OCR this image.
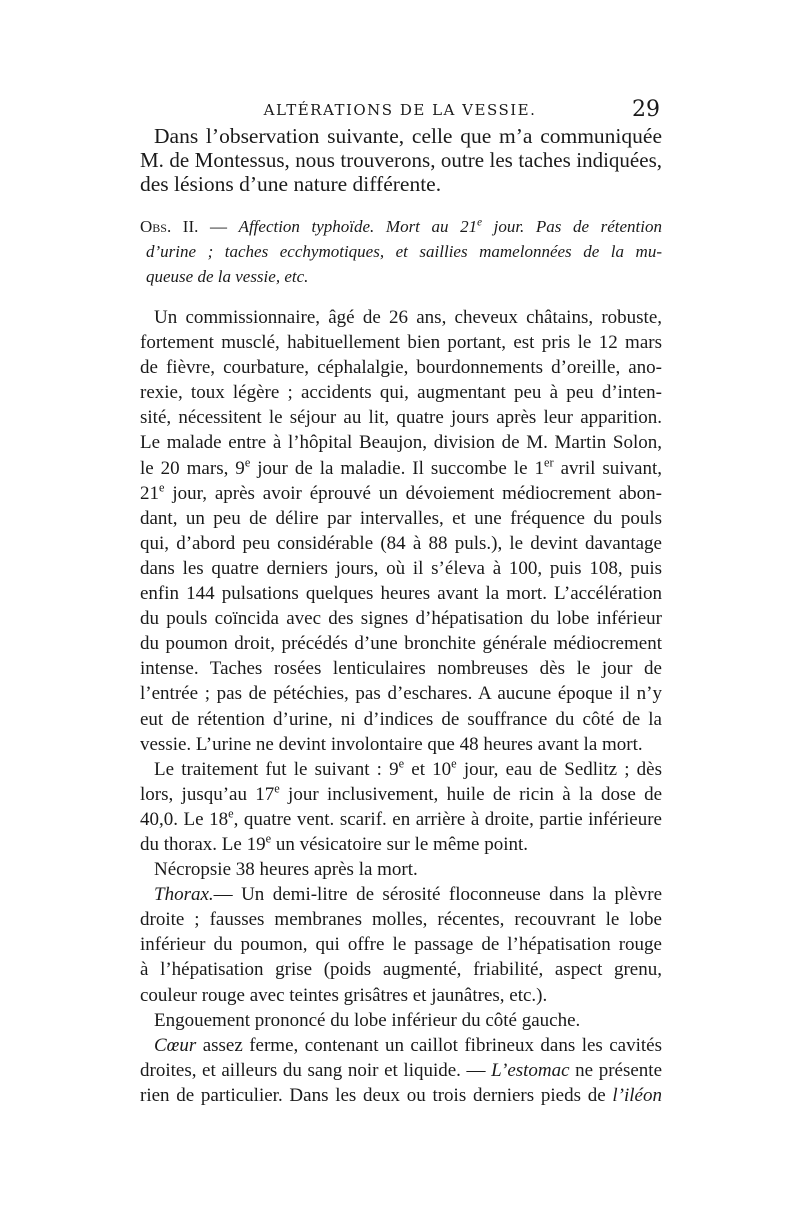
ALTÉRATIONS DE LA VESSIE.	29
Dans l’observation suivante, celle que m’a communiquée
M. de Montessus, nous trouverons, outre les taches indiquées,
des lésions d’une nature différente.
Obs. II. — Affection typhoïde. Mort au 21e jour. Pas de rétention
d’urine ; taches ecchymotiques, et saillies mamelonnées de la mu-
queuse de la vessie, etc.
Un commissionnaire, âgé de 26 ans, cheveux châtains, robuste,
fortement musclé, habituellement bien portant, est pris le 12 mars
de fièvre, courbature, céphalalgie, bourdonnements d’oreille, ano-
rexie, toux légère ; accidents qui, augmentant peu à peu d’inten-
sité, nécessitent le séjour au lit, quatre jours après leur apparition.
Le malade entre à l’hôpital Beaujon, division de M. Martin Solon,
le 20 mars, 9e jour de la maladie. Il succombe le 1er avril suivant,
21e jour, après avoir éprouvé un dévoiement médiocrement abon-
dant, un peu de délire par intervalles, et une fréquence du pouls
qui, d’abord peu considérable (84 à 88 puls.), le devint davantage
dans les quatre derniers jours, où il s’éleva à 100, puis 108, puis
enfin 144 pulsations quelques heures avant la mort. L’accélération
du pouls coïncida avec des signes d’hépatisation du lobe inférieur
du poumon droit, précédés d’une bronchite générale médiocrement
intense. Taches rosées lenticulaires nombreuses dès le jour de
l’entrée ; pas de pétéchies, pas d’eschares. A aucune époque il n’y
eut de rétention d’urine, ni d’indices de souffrance du côté de la
vessie. L’urine ne devint involontaire que 48 heures avant la mort.
Le traitement fut le suivant : 9e et 10e jour, eau de Sedlitz ; dès
lors, jusqu’au 17e jour inclusivement, huile de ricin à la dose de
40,0. Le 18e, quatre vent. scarif. en arrière à droite, partie inférieure
du thorax. Le 19e un vésicatoire sur le même point.
Nécropsie 38 heures après la mort.
Thorax.— Un demi-litre de sérosité floconneuse dans la plèvre
droite ; fausses membranes molles, récentes, recouvrant le lobe
inférieur du poumon, qui offre le passage de l’hépatisation rouge
à l’hépatisation grise (poids augmenté, friabilité, aspect grenu,
couleur rouge avec teintes grisâtres et jaunâtres, etc.).
Engouement prononcé du lobe inférieur du côté gauche.
Cœur assez ferme, contenant un caillot fibrineux dans les cavités
droites, et ailleurs du sang noir et liquide. — L’estomac ne présente
rien de particulier. Dans les deux ou trois derniers pieds de l’iléon
